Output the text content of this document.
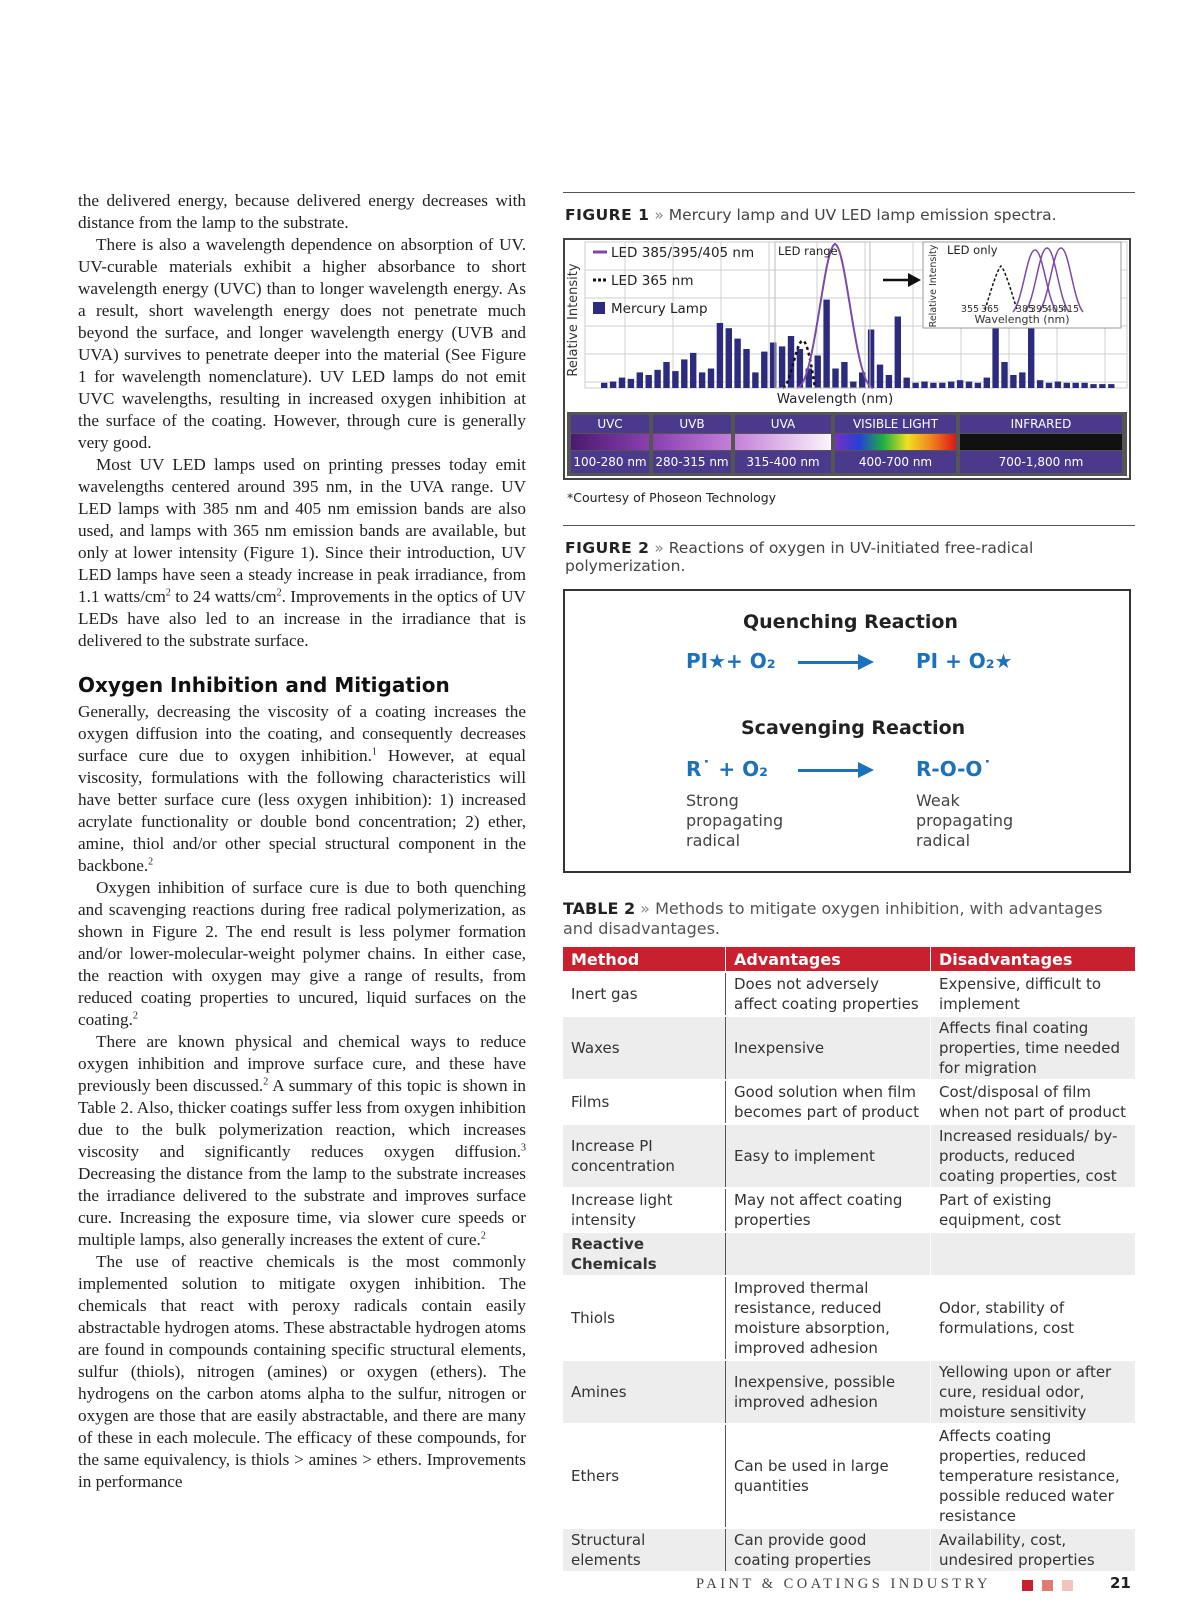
the delivered energy, because delivered energy decreases with distance from the lamp to the substrate.

There is also a wavelength dependence on absorption of UV. UV-curable materials exhibit a higher absorbance to short wavelength energy (UVC) than to longer wavelength energy. As a result, short wavelength energy does not penetrate much beyond the surface, and longer wavelength energy (UVB and UVA) survives to penetrate deeper into the material (See Figure 1 for wavelength nomenclature). UV LED lamps do not emit UVC wavelengths, resulting in increased oxygen inhibition at the surface of the coating. However, through cure is generally very good.

Most UV LED lamps used on printing presses today emit wavelengths centered around 395 nm, in the UVA range. UV LED lamps with 385 nm and 405 nm emission bands are also used, and lamps with 365 nm emission bands are available, but only at lower intensity (Figure 1). Since their introduction, UV LED lamps have seen a steady increase in peak irradiance, from 1.1 watts/$cm^2$ to 24 watts/$cm^2$. Improvements in the optics of UV LEDs have also led to an increase in the irradiance that is delivered to the substrate surface.

Oxygen Inhibition and Mitigation

Generally, decreasing the viscosity of a coating increases the oxygen diffusion into the coating, and consequently decreases surface cure due to oxygen inhibition.$^1$ However, at equal viscosity, formulations with the following characteristics will have better surface cure (less oxygen inhibition): 1) increased acrylate functionality or double bond concentration; 2) ether, amine, thiol and/or other special structural component in the backbone.$^2$

Oxygen inhibition of surface cure is due to both quenching and scavenging reactions during free radical polymerization, as shown in Figure 2. The end result is less polymer formation and/or lower-molecular-weight polymer chains. In either case, the reaction with oxygen may give a range of results, from reduced coating properties to uncured, liquid surfaces on the coating.$^2$

There are known physical and chemical ways to reduce oxygen inhibition and improve surface cure, and these have previously been discussed.$^2$ A summary of this topic is shown in Table 2. Also, thicker coatings suffer less from oxygen inhibition due to the bulk polymerization reaction, which increases viscosity and significantly reduces oxygen diffusion.$^3$ Decreasing the distance from the lamp to the substrate increases the irradiance delivered to the substrate and improves surface cure. Increasing the exposure time, via slower cure speeds or multiple lamps, also generally increases the extent of cure.$^2$

The use of reactive chemicals is the most commonly implemented solution to mitigate oxygen inhibition. The chemicals that react with peroxy radicals contain easily abstractable hydrogen atoms. These abstractable hydrogen atoms are found in compounds containing specific structural elements, sulfur (thiols), nitrogen (amines) or oxygen (ethers). The hydrogens on the carbon atoms alpha to the sulfur, nitrogen or oxygen are those that are easily abstractable, and there are many of these in each molecule. The efficacy of these compounds, for the same equivalency, is thiols > amines > ethers. Improvements in performance

FIGURE 1 » Mercury lamp and UV LED lamp emission spectra.
Relative Intensity
LED 385/395/405 nm
LED 365 nm
Mercury Lamp
LED range	Relative Intensity LED only
355 365 385
395
405
415
Wavelength (nm)
Wavelength (nm)
UVC
100-280 nm
UVB
280-315 nm
UVA
315-400 nm
VISIBLE LIGHT
400-700 nm
INFRARED
700-1,800 nm
*Courtesy of Phoseon Technology
FIGURE 2 » Reactions of oxygen in UV-initiated free-radical polymerization.
Quenching Reaction
PI★+ O₂	PI + O₂★
Scavenging Reaction
R˙ + O₂	R-O-O˙
Strong
propagating
radical
Weak
propagating
radical
TABLE 2 » Methods to mitigate oxygen inhibition, with advantages and disadvantages.
Method	Advantages	Disadvantages
Inert gas	Does not adversely affect coating properties	Expensive, difficult to implement
Waxes	Inexpensive	Affects final coating properties, time needed for migration
Films	Good solution when film becomes part of product	Cost/disposal of film when not part of product
Increase PI concentration	Easy to implement	Increased residuals/ by-products, reduced coating properties, cost
Increase light intensity	May not affect coating properties	Part of existing equipment, cost
Reactive Chemicals		
Thiols	Improved thermal resistance, reduced moisture absorption, improved adhesion	Odor, stability of formulations, cost
Amines	Inexpensive, possible improved adhesion	Yellowing upon or after cure, residual odor, moisture sensitivity
Ethers	Can be used in large quantities	Affects coating properties, reduced temperature resistance, possible reduced water resistance
Structural elements	Can provide good coating properties	Availability, cost, undesired properties
PAINT & COATINGS INDUSTRY	21
